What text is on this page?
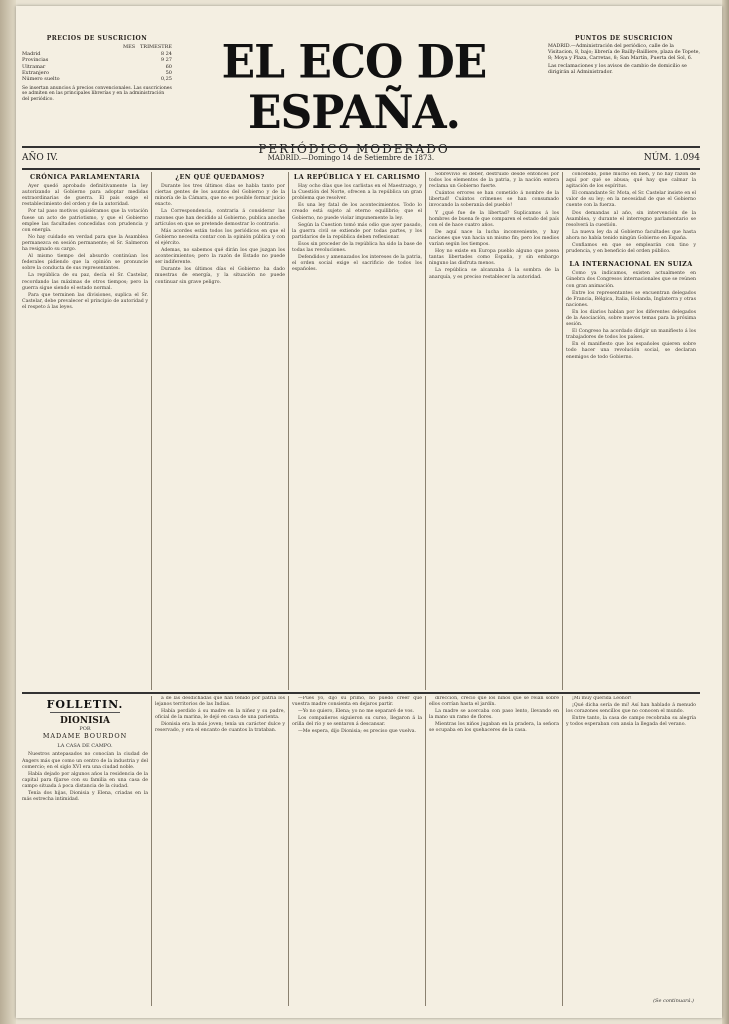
PRECIOS DE SUSCRICION
MES TRIMESTRE
Madrid	8 24
Provincias	9 27
Ultramar	60
Extranjero	50
Número suelto	0,25
Se insertan anuncios á precios convencionales. Las suscriciones se admiten en las principales librerías y en la administración del periódico.
EL ECO DE ESPAÑA.
PERIÓDICO MODERADO
PUNTOS DE SUSCRICION
MADRID.—Administración del periódico, calle de la Visitacion, 8, bajo; librería de Bailly-Bailliere, plaza de Topete, 8; Moya y Plaza, Carretas, 8; San Martín, Puerta del Sol, 6.
Las reclamaciones y los avisos de cambio de domicilio se dirigirán al Administrador.
AÑO IV.	MADRID.—Domingo 14 de Setiembre de 1873.	NÚM. 1.094
CRÓNICA PARLAMENTARIA

Ayer quedó aprobado definitivamente la ley autorizando al Gobierno para adoptar medidas extraordinarias de guerra. El país exige el restablecimiento del orden y de la autoridad.

Por tal paso motivos quisiéramos que la votación fuese un acto de patriotismo, y que el Gobierno emplee las facultades concedidas con prudencia y con energía.

No hay cuidado en verdad para que la Asamblea permanezca en sesión permanente; el Sr. Salmeron ha resignado su cargo.

Al mismo tiempo del absurdo continúan los federales pidiendo que la opinión se pronuncie sobre la conducta de sus representantes.

La república de su paz, decía el Sr. Castelar, recordando las máximas de otros tiempos; pero la guerra sigue siendo el estado normal.

Para que terminen las divisiones, suplica el Sr. Castelar, debe prevalecer el principio de autoridad y el respeto á las leyes.

¿EN QUÉ QUEDAMOS?

Durante los tres últimos días se habla tanto por ciertas gentes de los asuntos del Gobierno y de la minoría de la Cámara, que no es posible formar juicio exacto.

La Correspondencia, contraria á considerar las razones que han decidido al Gobierno, publica anoche artículos en que se pretende demostrar lo contrario.

Más acordes están todos los periódicos en que el Gobierno necesita contar con la opinión pública y con el ejército.

Ademas, no sabemos qué dirán los que juzgan los acontecimientos; pero la razón de Estado no puede ser indiferente.

Durante los últimos días el Gobierno ha dado muestras de energía, y la situación no puede continuar sin grave peligro.

LA REPÚBLICA Y EL CARLISMO

Hay ocho días que los carlistas en el Maestrazgo, y la Cuestión del Norte, ofrecen a la república un gran problema que resolver.

Es una ley fatal de los acontecimientos. Todo lo creado está sujeto al eterno equilibrio; que el Gobierno, no puede violar impunemente la ley.

Según la Cuestion tomó más odio que ayer pasado, la guerra civil se extiende por todas partes, y los partidarios de la república deben reflexionar.

Esos sin proceder de la república ha sido la base de todas las revoluciones.

Defendidos y amenazados los intereses de la patria, el orden social exige el sacrificio de todos los españoles.

Sobrevivió el deber, destruido desde entonces por todos los elementos de la patria, y la nación entera reclama un Gobierno fuerte.

Cuántos errores se han cometido á nombre de la libertad! Cuántos crímenes se han consumado invocando la soberanía del pueblo!

Y ¿qué fue de la libertad? Suplicamos á los hombres de buena fe que comparen el estado del país con el de hace cuatro años.

De aquí nace la lucha inconveniente, y hay naciones que van hacia un mismo fin; pero los medios varían según los tiempos.

Hoy no existe en Europa pueblo alguno que posea tantas libertades como España, y sin embargo ninguno las disfruta menos.

La república se alcanzaba á la sombra de la anarquía, y es preciso restablecer la autoridad.

concebido, poné mucho en bien, y no hay razón de aquí por qué se abusa; qué hay que calmar la agitación de los espíritus.

El comandante Sr. Mota, el Sr. Castelar insiste en el valor de su ley; en la necesidad de que el Gobierno cuente con la fuerza.

Dos demandas al año, sin intervención de la Asamblea, y durante el interregno parlamentario se resolverá la cuestión.

La nueva ley da al Gobierno facultades que hasta ahora no había tenido ningún Gobierno en España.

Confiamos en que se emplearán con tino y prudencia, y en beneficio del orden público.

LA INTERNACIONAL EN SUIZA

Como ya indicamos, existen actualmente en Ginebra dos Congresos internacionales que se reúnen con gran animación.

Entre los representantes se encuentran delegados de Francia, Bélgica, Italia, Holanda, Inglaterra y otras naciones.

En los diarios hablan por los diferentes delegados de la Asociación, sobre nuevos temas para la próxima sesión.

El Congreso ha acordado dirigir un manifiesto á los trabajadores de todos los países.

En el manifiesto que los españoles quieren sobre todo hacer una revolución social, se declaran enemigos de todo Gobierno.

FOLLETIN.
DIONISIA
POR
MADAME BOURDON
LA CASA DE CAMPO.

Nuestros antepasados no conocían la ciudad de Angers más que como un centro de la industria y del comercio; en el siglo XVI era una ciudad noble.

Había dejado por algunos años la residencia de la capital para fijarse con su familia en una casa de campo situada á poca distancia de la ciudad.

Tenía dos hijas, Dionisia y Elena, criadas en la más estrecha intimidad.

á de las desdichadas que han tenido por patria los lejanos territorios de las Indias.

Había perdido á su madre en la niñez y su padre, oficial de la marina, le dejó en casa de una parienta.

Dionisia era la más joven; tenía un carácter dulce y reservado, y era el encanto de cuantos la trataban.

—Pues yo, dijo su primo, no puedo creer que vuestra madre consienta en dejaros partir.

—Yo no quiero, Elena; yo no me separaré de vos.

Los compañeros siguieron su curso, llegaron á la orilla del río y se sentaron á descansar.

—Me espera, dijo Dionisia; es preciso que vuelva.

dirección, creció que los niños que se reían sobre ellos corrían hasta el jardín.

La madre se acercaba con paso lento, llevando en la mano un ramo de flores.

Mientras los niños jugaban en la pradera, la señora se ocupaba en los quehaceres de la casa.

¡Mi muy querida Leonor!

¡Qué dicha sería de mí! Así han hablado á menudo los corazones sencillos que no conocen el mundo.

Entre tanto, la casa de campo recobraba su alegría y todos esperaban con ansia la llegada del verano.

(Se continuará.)
